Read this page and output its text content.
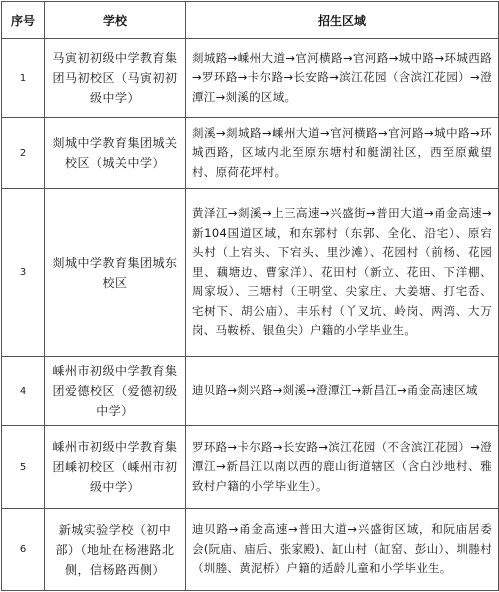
序号	学校	招生区域
1	马寅初初级中学教育集团马初校区（马寅初初级中学）	剡城路→嵊州大道→官河横路→官河路→城中路→环城西路→罗环路→卡尔路→长安路→滨江花园（含滨江花园）→澄潭江→剡溪的区域。
2	剡城中学教育集团城关校区（城关中学）	剡溪→剡城路→嵊州大道→官河横路→官河路→城中路→环城西路，区域内北至原东塘村和艇湖社区，西至原戴望村、原荷花坪村。
3	剡城中学教育集团城东校区	黄泽江→剡溪→上三高速→兴盛街→普田大道→甬金高速→新104国道区域，和东郭村（东郭、全化、沿宅）、原宕头村（上宕头、下宕头、里沙滩）、花园村（前杨、花园里、藕塘边、曹家洋）、花田村（新立、花田、下洋棚、周家坂）、三塘村（王明堂、尖家庄、大姜塘、打宅岙、宅树下、胡公庙）、丰乐村（丫叉坑、岭岗、两湾、大万岗、马鞍桥、银鱼尖）户籍的小学毕业生。
4	嵊州市初级中学教育集团爱德校区（爱德初级中学）	迪贝路→剡兴路→剡溪→澄潭江→新昌江→甬金高速区域
5	嵊州市初级中学教育集团嵊初校区（嵊州市初级中学）	罗环路→卡尔路→长安路→滨江花园（不含滨江花园）→澄潭江→新昌江以南以西的鹿山街道辖区（含白沙地村、雅致村户籍的小学毕业生）。
6	新城实验学校（初中部）（地址在杨港路北侧，信杨路西侧）	迪贝路→甬金高速→普田大道→兴盛街区域，和阮庙居委会(阮庙、庙后、张家殿)、缸山村（缸窑、彭山）、圳塍村（圳塍、黄泥桥）户籍的适龄儿童和小学毕业生。
